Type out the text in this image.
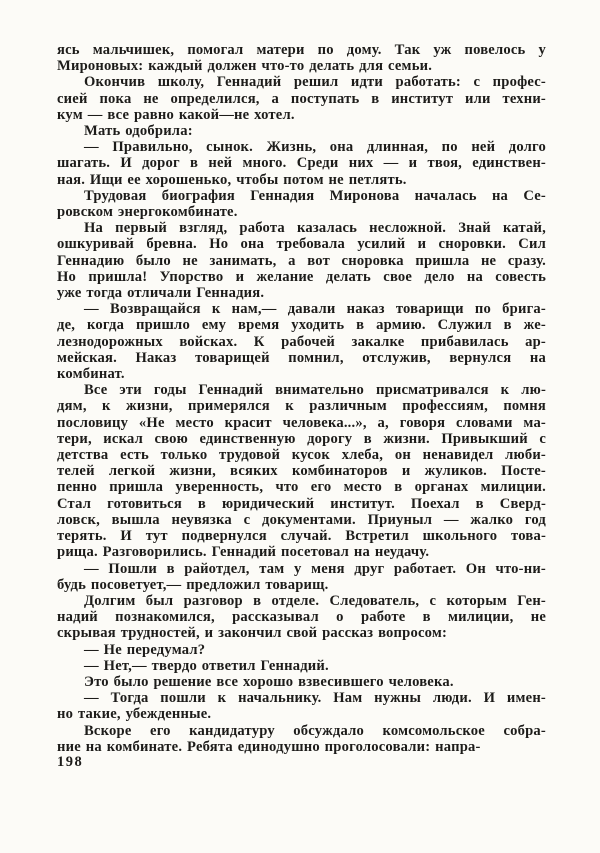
ясь мальчишек, помогал матери по дому. Так уж повелось у
Мироновых: каждый должен что-то делать для семьи.
Окончив школу, Геннадий решил идти работать: с профес-
сией пока не определился, а поступать в институт или техни-
кум — все равно какой—не хотел.
Мать одобрила:
— Правильно, сынок. Жизнь, она длинная, по ней долго
шагать. И дорог в ней много. Среди них — и твоя, единствен-
ная. Ищи ее хорошенько, чтобы потом не петлять.
Трудовая биография Геннадия Миронова началась на Се-
ровском энергокомбинате.
На первый взгляд, работа казалась несложной. Знай катай,
ошкуривай бревна. Но она требовала усилий и сноровки. Сил
Геннадию было не занимать, а вот сноровка пришла не сразу.
Но пришла! Упорство и желание делать свое дело на совесть
уже тогда отличали Геннадия.
— Возвращайся к нам,— давали наказ товарищи по брига-
де, когда пришло ему время уходить в армию. Служил в же-
лезнодорожных войсках. К рабочей закалке прибавилась ар-
мейская. Наказ товарищей помнил, отслужив, вернулся на
комбинат.
Все эти годы Геннадий внимательно присматривался к лю-
дям, к жизни, примерялся к различным профессиям, помня
пословицу «Не место красит человека...», а, говоря словами ма-
тери, искал свою единственную дорогу в жизни. Привыкший с
детства есть только трудовой кусок хлеба, он ненавидел люби-
телей легкой жизни, всяких комбинаторов и жуликов. Посте-
пенно пришла уверенность, что его место в органах милиции.
Стал готовиться в юридический институт. Поехал в Сверд-
ловск, вышла неувязка с документами. Приуныл — жалко год
терять. И тут подвернулся случай. Встретил школьного това-
рища. Разговорились. Геннадий посетовал на неудачу.
— Пошли в райотдел, там у меня друг работает. Он что-ни-
будь посоветует,— предложил товарищ.
Долгим был разговор в отделе. Следователь, с которым Ген-
надий познакомился, рассказывал о работе в милиции, не
скрывая трудностей, и закончил свой рассказ вопросом:
— Не передумал?
— Нет,— твердо ответил Геннадий.
Это было решение все хорошо взвесившего человека.
— Тогда пошли к начальнику. Нам нужны люди. И имен-
но такие, убежденные.
Вскоре его кандидатуру обсуждало комсомольское собра-
ние на комбинате. Ребята единодушно проголосовали: напра-
198
